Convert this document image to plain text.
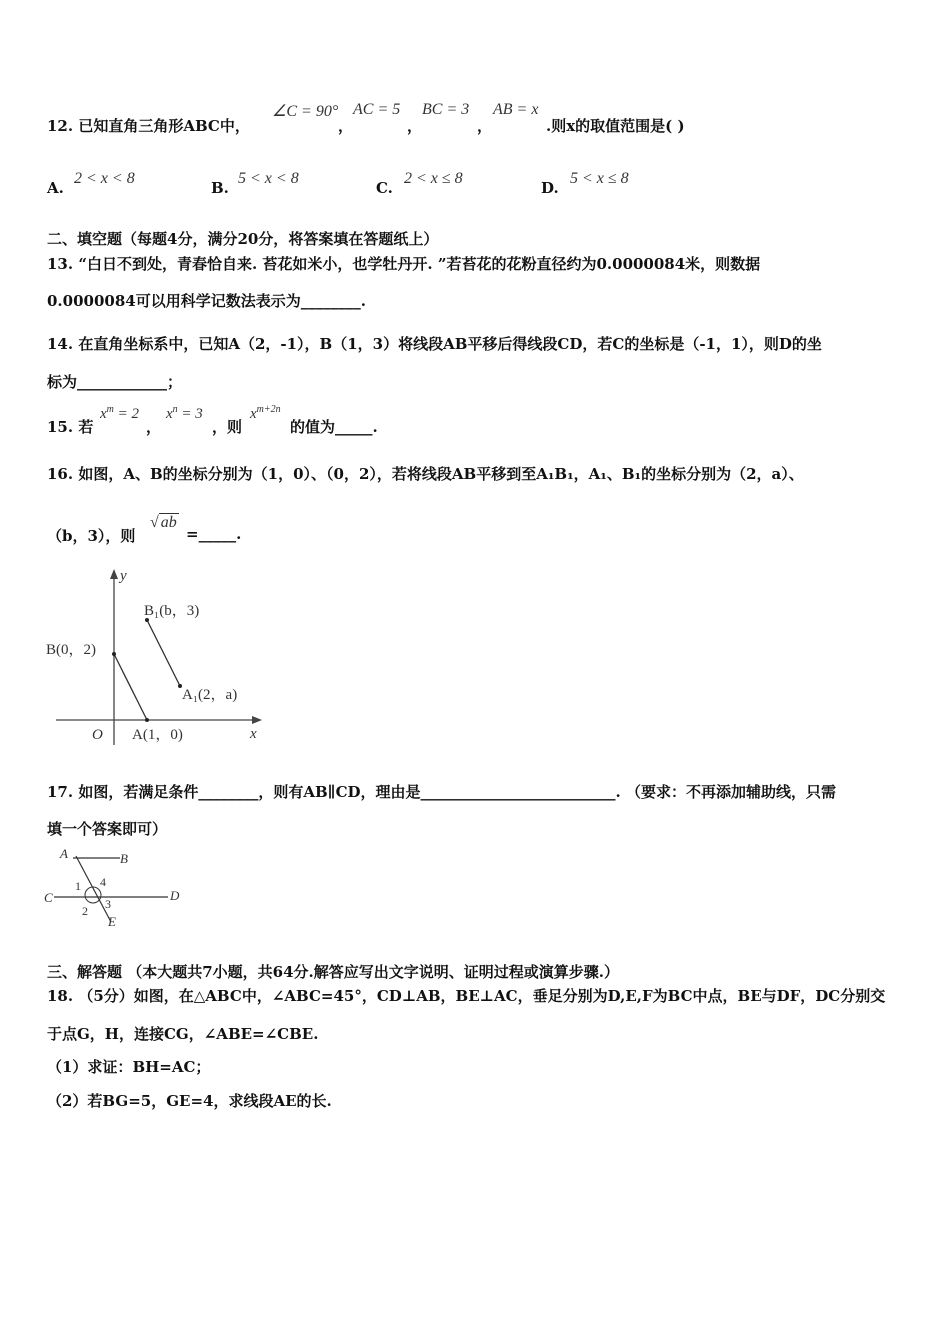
12. 已知直角三角形ABC中，
∠C = 90°
，
AC = 5
，
BC = 3
，
AB = x
.则x的取值范围是( )
A.
2 < x < 8
B.
5 < x < 8
C.
2 < x ≤ 8
D.
5 < x ≤ 8
二、填空题（每题4分，满分20分，将答案填在答题纸上）
13. “白日不到处，青春恰自来. 苔花如米小，也学牡丹开. ”若苔花的花粉直径约为0.0000084米，则数据
0.0000084可以用科学记数法表示为________.
14. 在直角坐标系中，已知A（2，-1），B（1，3）将线段AB平移后得线段CD，若C的坐标是（-1，1），则D的坐
标为____________；
15. 若
$x^m = 2$
，
$x^n = 3$
，则
$x^{m+2n}$
的值为_____.
16. 如图，A、B的坐标分别为（1，0）、（0，2），若将线段AB平移到至A₁B₁，A₁、B₁的坐标分别为（2，a）、
（b，3），则
√ ab
=_____.
y
x
O
B(0，2)
A(1，0)
B₁(b，3)
A₁(2，a)
17. 如图，若满足条件________，则有AB∥CD，理由是__________________________. （要求：不再添加辅助线，只需
填一个答案即可）
A	B
C	D
E
1 4
2 3
三、解答题 （本大题共7小题，共64分.解答应写出文字说明、证明过程或演算步骤.）
18. （5分）如图，在△ABC中，∠ABC=45°，CD⊥AB，BE⊥AC，垂足分别为D,E,F为BC中点，BE与DF，DC分别交
于点G，H，连接CG，∠ABE=∠CBE.
（1）求证：BH=AC；
（2）若BG=5，GE=4，求线段AE的长.
